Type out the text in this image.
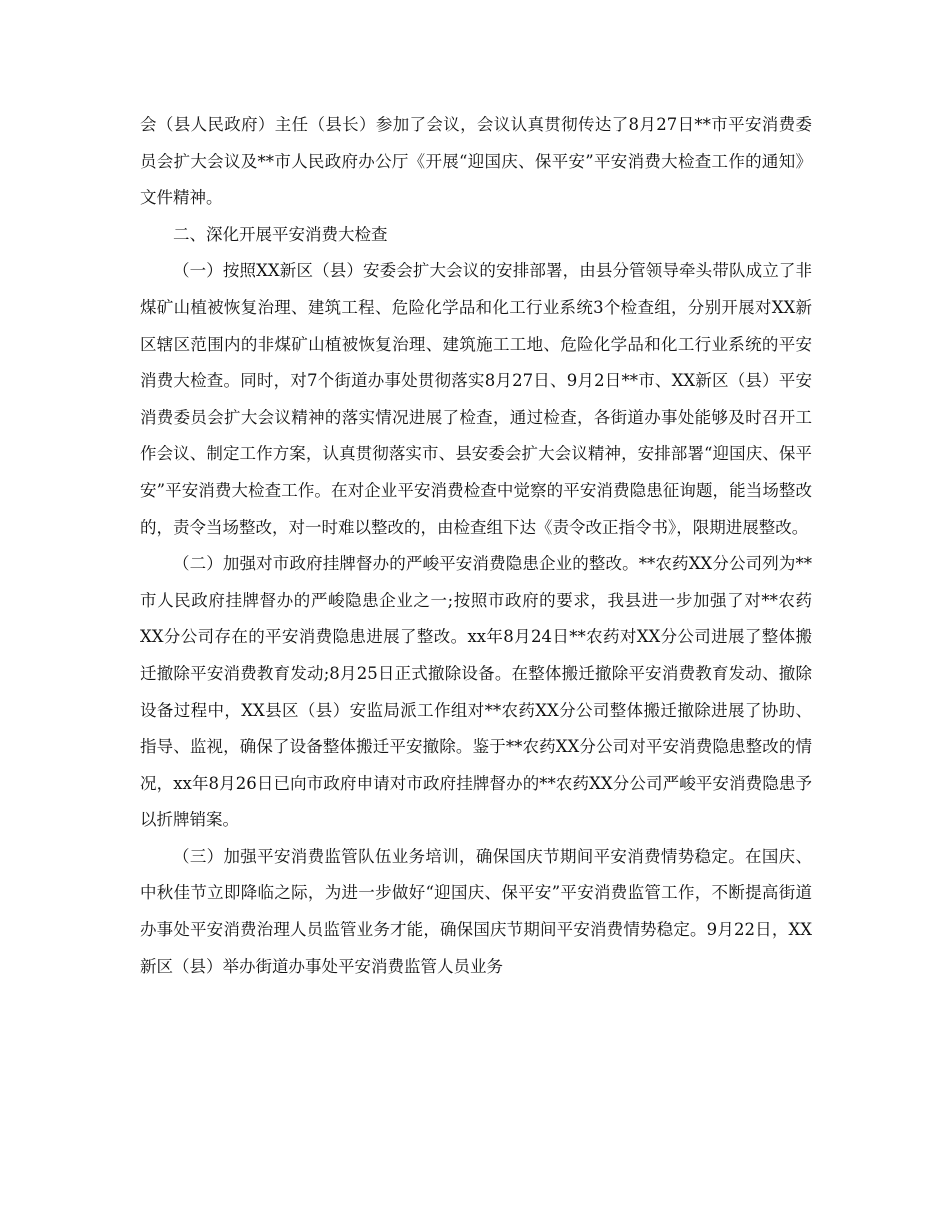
会（县人民政府）主任（县长）参加了会议，会议认真贯彻传达了8月27日**市平安消费委员会扩大会议及**市人民政府办公厅《开展“迎国庆、保平安”平安消费大检查工作的通知》文件精神。

二、深化开展平安消费大检查

（一）按照XX新区（县）安委会扩大会议的安排部署，由县分管领导牵头带队成立了非煤矿山植被恢复治理、建筑工程、危险化学品和化工行业系统3个检查组，分别开展对XX新区辖区范围内的非煤矿山植被恢复治理、建筑施工工地、危险化学品和化工行业系统的平安消费大检查。同时，对7个街道办事处贯彻落实8月27日、9月2日**市、XX新区（县）平安消费委员会扩大会议精神的落实情况进展了检查，通过检查，各街道办事处能够及时召开工作会议、制定工作方案，认真贯彻落实市、县安委会扩大会议精神，安排部署“迎国庆、保平安”平安消费大检查工作。在对企业平安消费检查中觉察的平安消费隐患征询题，能当场整改的，责令当场整改，对一时难以整改的，由检查组下达《责令改正指令书》，限期进展整改。

（二）加强对市政府挂牌督办的严峻平安消费隐患企业的整改。**农药XX分公司列为**市人民政府挂牌督办的严峻隐患企业之一;按照市政府的要求，我县进一步加强了对**农药XX分公司存在的平安消费隐患进展了整改。xx年8月24日**农药对XX分公司进展了整体搬迁撤除平安消费教育发动;8月25日正式撤除设备。在整体搬迁撤除平安消费教育发动、撤除设备过程中，XX县区（县）安监局派工作组对**农药XX分公司整体搬迁撤除进展了协助、指导、监视，确保了设备整体搬迁平安撤除。鉴于**农药XX分公司对平安消费隐患整改的情况，xx年8月26日已向市政府申请对市政府挂牌督办的**农药XX分公司严峻平安消费隐患予以折牌销案。

（三）加强平安消费监管队伍业务培训，确保国庆节期间平安消费情势稳定。在国庆、中秋佳节立即降临之际，为进一步做好“迎国庆、保平安”平安消费监管工作，不断提高街道办事处平安消费治理人员监管业务才能，确保国庆节期间平安消费情势稳定。9月22日，XX新区（县）举办街道办事处平安消费监管人员业务
